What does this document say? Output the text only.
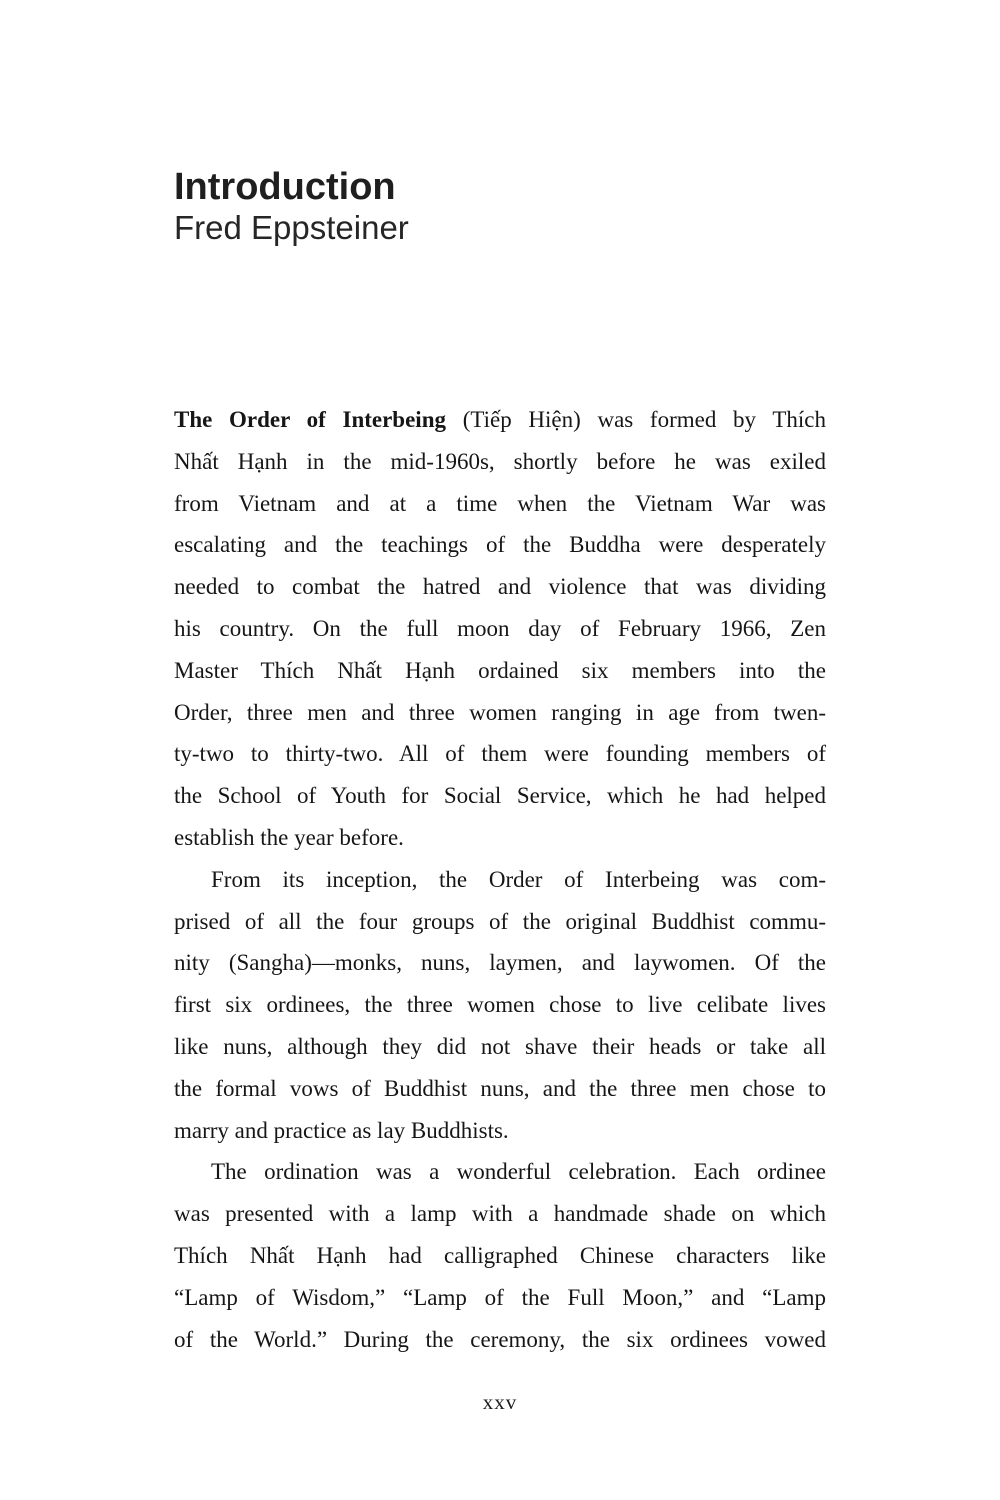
Introduction
Fred Eppsteiner
The Order of Interbeing (Tiếp Hiện) was formed by Thích
Nhất Hạnh in the mid-1960s, shortly before he was exiled
from Vietnam and at a time when the Vietnam War was
escalating and the teachings of the Buddha were desperately
needed to combat the hatred and violence that was dividing
his country. On the full moon day of February 1966, Zen
Master Thích Nhất Hạnh ordained six members into the
Order, three men and three women ranging in age from twen-
ty-two to thirty-two. All of them were founding members of
the School of Youth for Social Service, which he had helped
establish the year before.
From its inception, the Order of Interbeing was com-
prised of all the four groups of the original Buddhist commu-
nity (Sangha)—monks, nuns, laymen, and laywomen. Of the
first six ordinees, the three women chose to live celibate lives
like nuns, although they did not shave their heads or take all
the formal vows of Buddhist nuns, and the three men chose to
marry and practice as lay Buddhists.
The ordination was a wonderful celebration. Each ordinee
was presented with a lamp with a handmade shade on which
Thích Nhất Hạnh had calligraphed Chinese characters like
“Lamp of Wisdom,” “Lamp of the Full Moon,” and “Lamp
of the World.” During the ceremony, the six ordinees vowed
xxv
